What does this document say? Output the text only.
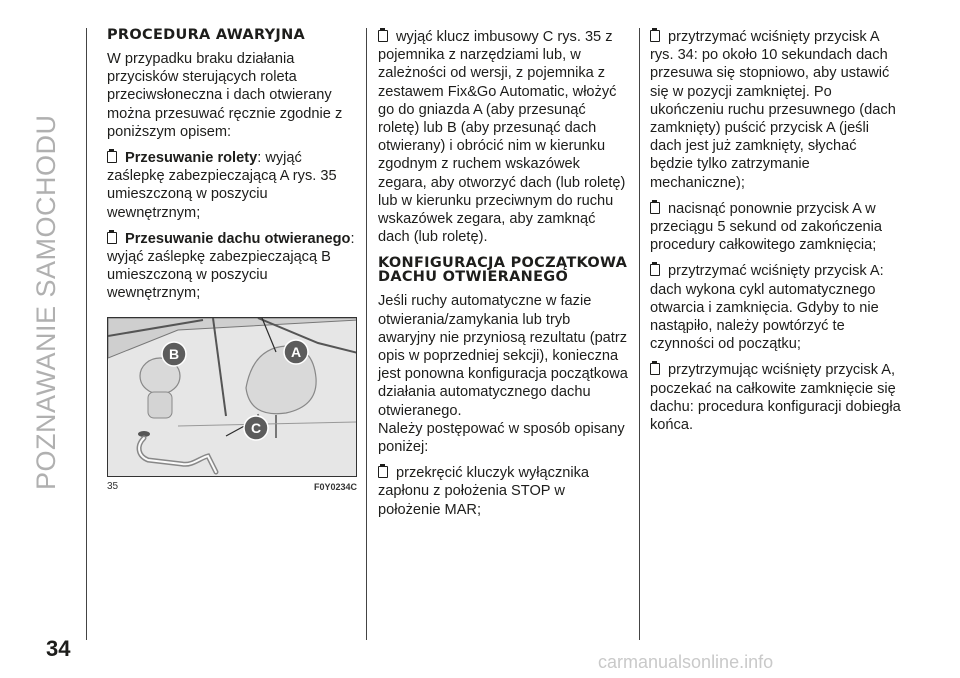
POZNAWANIE SAMOCHODU
34
carmanualsonline.info
PROCEDURA AWARYJNA

W przypadku braku działania przycisków sterujących roleta przeciwsłoneczna i dach otwierany można przesuwać ręcznie zgodnie z poniższym opisem:

Przesuwanie rolety: wyjąć zaślepkę zabezpieczającą A rys. 35 umieszczoną w poszyciu wewnętrznym;

Przesuwanie dachu otwieranego: wyjąć zaślepkę zabezpieczającą B umieszczoną w poszyciu wewnętrznym;

B	A
C
35	F0Y0234C

wyjąć klucz imbusowy C rys. 35 z pojemnika z narzędziami lub, w zależności od wersji, z pojemnika z zestawem Fix&Go Automatic, włożyć go do gniazda A (aby przesunąć roletę) lub B (aby przesunąć dach otwierany) i obrócić nim w kierunku zgodnym z ruchem wskazówek zegara, aby otworzyć dach (lub roletę) lub w kierunku przeciwnym do ruchu wskazówek zegara, aby zamknąć dach (lub roletę).

KONFIGURACJA POCZĄTKOWA DACHU OTWIERANEGO

Jeśli ruchy automatyczne w fazie otwierania/zamykania lub tryb awaryjny nie przyniosą rezultatu (patrz opis w poprzedniej sekcji), konieczna jest ponowna konfiguracja początkowa działania automatycznego dachu otwieranego.

Należy postępować w sposób opisany poniżej:

przekręcić kluczyk wyłącznika zapłonu z położenia STOP w położenie MAR;

przytrzymać wciśnięty przycisk A rys. 34: po około 10 sekundach dach przesuwa się stopniowo, aby ustawić się w pozycji zamkniętej. Po ukończeniu ruchu przesuwnego (dach zamknięty) puścić przycisk A (jeśli dach jest już zamknięty, słychać będzie tylko zatrzymanie mechaniczne);

nacisnąć ponownie przycisk A w przeciągu 5 sekund od zakończenia procedury całkowitego zamknięcia;

przytrzymać wciśnięty przycisk A: dach wykona cykl automatycznego otwarcia i zamknięcia. Gdyby to nie nastąpiło, należy powtórzyć te czynności od początku;

przytrzymując wciśnięty przycisk A, poczekać na całkowite zamknięcie się dachu: procedura konfiguracji dobiegła końca.
